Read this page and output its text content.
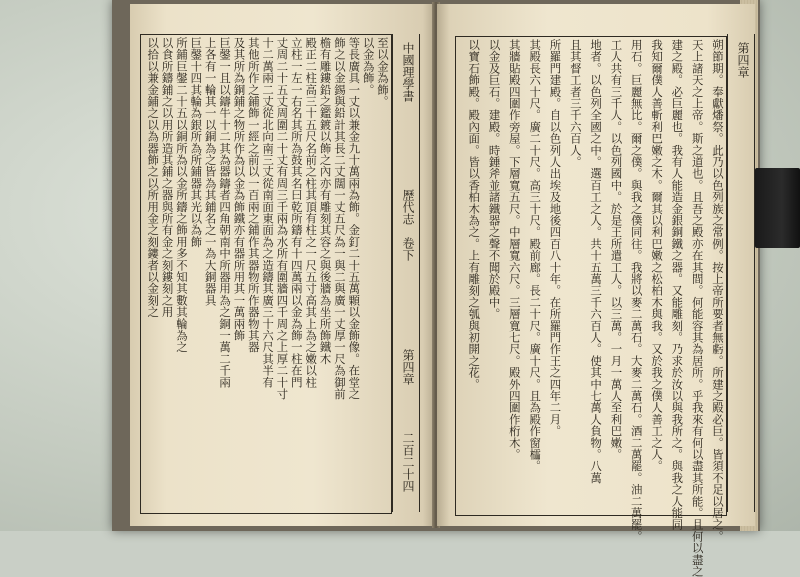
至以金為飾。
以金為飾。
等長廣具一丈以兼金九十萬兩為飾。金釘二十五萬顆以金飾像。在堂之
飾之以金錫與鉛計其長二丈闊一丈五尺為一與二與廣一丈厚一尺為御前
檐有雕鏤鉛之鑑鍍以飾之內亦有雕刻其容之與後牆為坐所飾鐵木
殿正二柱高三十五尺名前之柱其頂有柱之一尺五寸高其上為之嫩以柱
立柱一左一右名其所為鼓其名曰乾所鑄有十四萬兩以金為飾一柱在門
丈周二十五丈周圍二十丈有周三千兩為水所有圍牆四千周之上厚二十寸
十二萬兩二丈從北向南三丈從南面東面為之造鑄其廣三十六尺其半有
其他所作之鋪飾一經之前以一百兩之鋪作其器物所作器物其器
及其所為銅鋪之物所作為以金為飾鐵亦有器所用其一萬兩飾
巨鏧一且以鑄牛十二其為器鑄者四角朝南中所器用為之銅一萬二千兩
上各有一輪其一以銅為之皆為其鋪名之一為大銅器具
巨鏧十四其輪為銀所為所鋪器其光以為飾
所鋪巨鏧二十五以銅所為以金所鑄之飾用多不知其數其輪為之
以食所鑄鋪之以用所造其鋪之器與所有金之刻鏤刻之用
以拾以兼金鋪之以為器飾之以所用金之刻鏤者以金刻之	中國理學書
歷代志　卷下
第四章
二百二十四	朔節期。奉獻燔祭。此乃以色列族之常例。按上帝所要者無虧。所建之殿必巨。皆須不足以居之。
天上諸天之上帝。斯之道也。且吾之殿亦在其間。何能容其為居所。乎我來有何以盡其所能。且何以盡之
建之殿。必巨麗也。我有人能造金銀銅鐵之器。又能雕刻。乃求於汝以與我所之。與我之人能同
我知爾僕人善斬利巴嫩之木。爾其以利巴嫩之松柏木與我。又於我之僕人善工之人。
用石。巨麗無比。爾之僕。與我之僕同往。我將以麥二萬石。大麥二萬石。酒二萬罷。油二萬罷。
工人共有三千人。以色列國中。於是王所遣工人。以三萬。一月一萬人至利巴嫩。
地者。以色列全國之中。選百工之人。共十五萬三千六百人。使其中七萬人負物。八萬
且其督工者三千六百人。
所羅門建殿。自以色列人出埃及地後四百八十年。在所羅門作王之四年二月。
其殿長六十尺。廣二十尺。高三十尺。殿前廊。長二十尺。廣十尺。且為殿作窗櫺。
其牆貼殿四圍作旁屋。下層寬五尺。中層寬六尺。三層寬七尺。殿外四圍作桁木。
以金及巨石。建殿。時錘斧並諸鐵器之聲不聞於殿中。
以寶石飾殿。殿內面。皆以香柏木為之。上有雕刻之瓠與初開之花。	第四章
